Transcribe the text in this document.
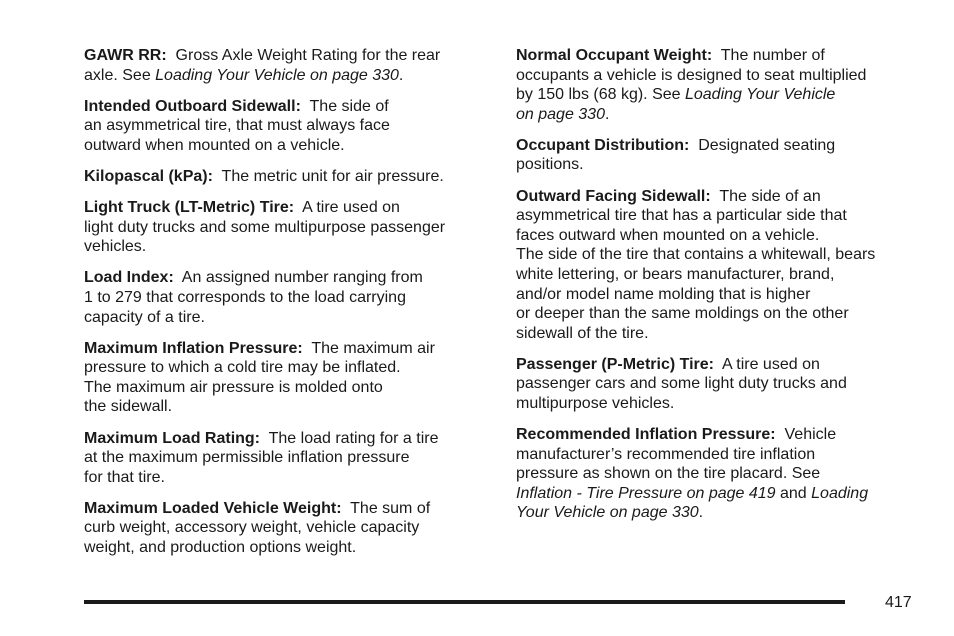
GAWR RR: Gross Axle Weight Rating for the rear
axle. See Loading Your Vehicle on page 330.
Intended Outboard Sidewall: The side of
an asymmetrical tire, that must always face
outward when mounted on a vehicle.
Kilopascal (kPa): The metric unit for air pressure.
Light Truck (LT-Metric) Tire: A tire used on
light duty trucks and some multipurpose passenger
vehicles.
Load Index: An assigned number ranging from
1 to 279 that corresponds to the load carrying
capacity of a tire.
Maximum Inflation Pressure: The maximum air
pressure to which a cold tire may be inflated.
The maximum air pressure is molded onto
the sidewall.
Maximum Load Rating: The load rating for a tire
at the maximum permissible inflation pressure
for that tire.
Maximum Loaded Vehicle Weight: The sum of
curb weight, accessory weight, vehicle capacity
weight, and production options weight.
Normal Occupant Weight: The number of
occupants a vehicle is designed to seat multiplied
by 150 lbs (68 kg). See Loading Your Vehicle
on page 330.
Occupant Distribution: Designated seating
positions.
Outward Facing Sidewall: The side of an
asymmetrical tire that has a particular side that
faces outward when mounted on a vehicle.
The side of the tire that contains a whitewall, bears
white lettering, or bears manufacturer, brand,
and/or model name molding that is higher
or deeper than the same moldings on the other
sidewall of the tire.
Passenger (P-Metric) Tire: A tire used on
passenger cars and some light duty trucks and
multipurpose vehicles.
Recommended Inflation Pressure: Vehicle
manufacturer’s recommended tire inflation
pressure as shown on the tire placard. See
Inflation - Tire Pressure on page 419 and Loading
Your Vehicle on page 330.
417
